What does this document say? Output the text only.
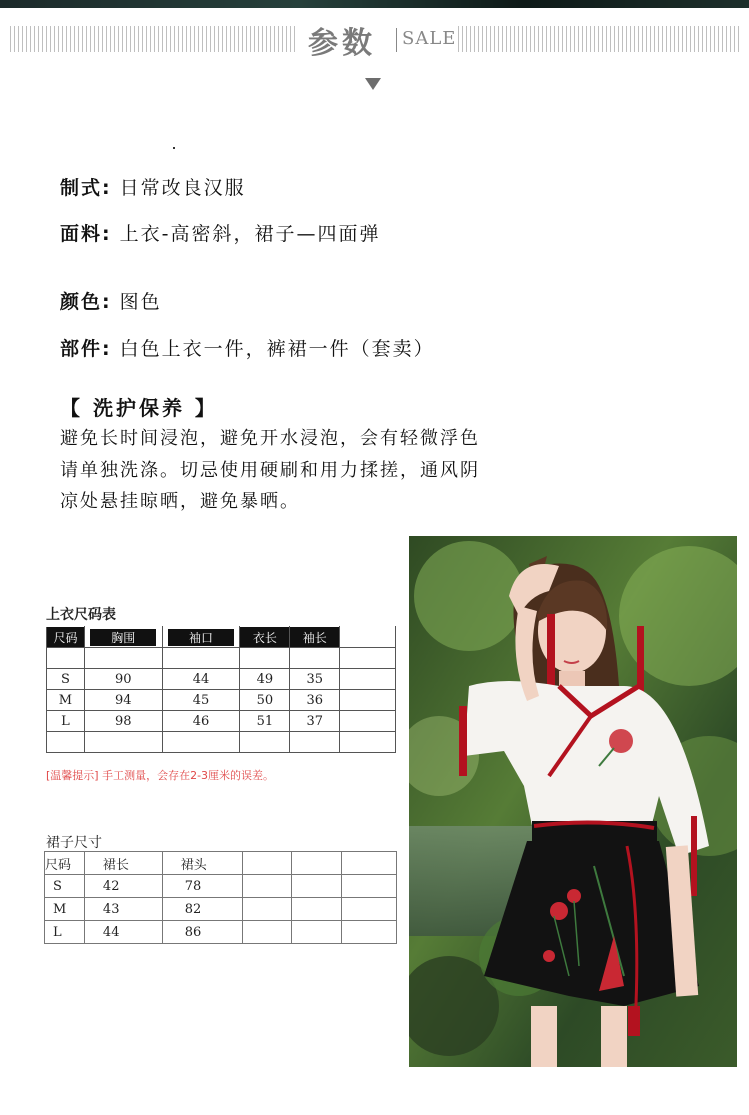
参数 SALE
制式: 日常改良汉服
面料: 上衣-高密斜，裙子—四面弹
颜色: 图色
部件: 白色上衣一件，裤裙一件（套卖）
【 洗护保养 】
避免长时间浸泡，避免开水浸泡，会有轻微浮色
请单独洗涤。切忌使用硬刷和用力揉搓，通风阴
凉处悬挂晾晒，避免暴晒。
上衣尺码表
尺码	胸围	袖口	衣长	袖长	

S	90	44	49	35	
M	94	45	50	36	
L	98	46	51	37	

[温馨提示] 手工测量，会存在2-3厘米的误差。
裙子尺寸
尺码	裙长	裙头			
S	42	78			
M	43	82			
L	44	86			
